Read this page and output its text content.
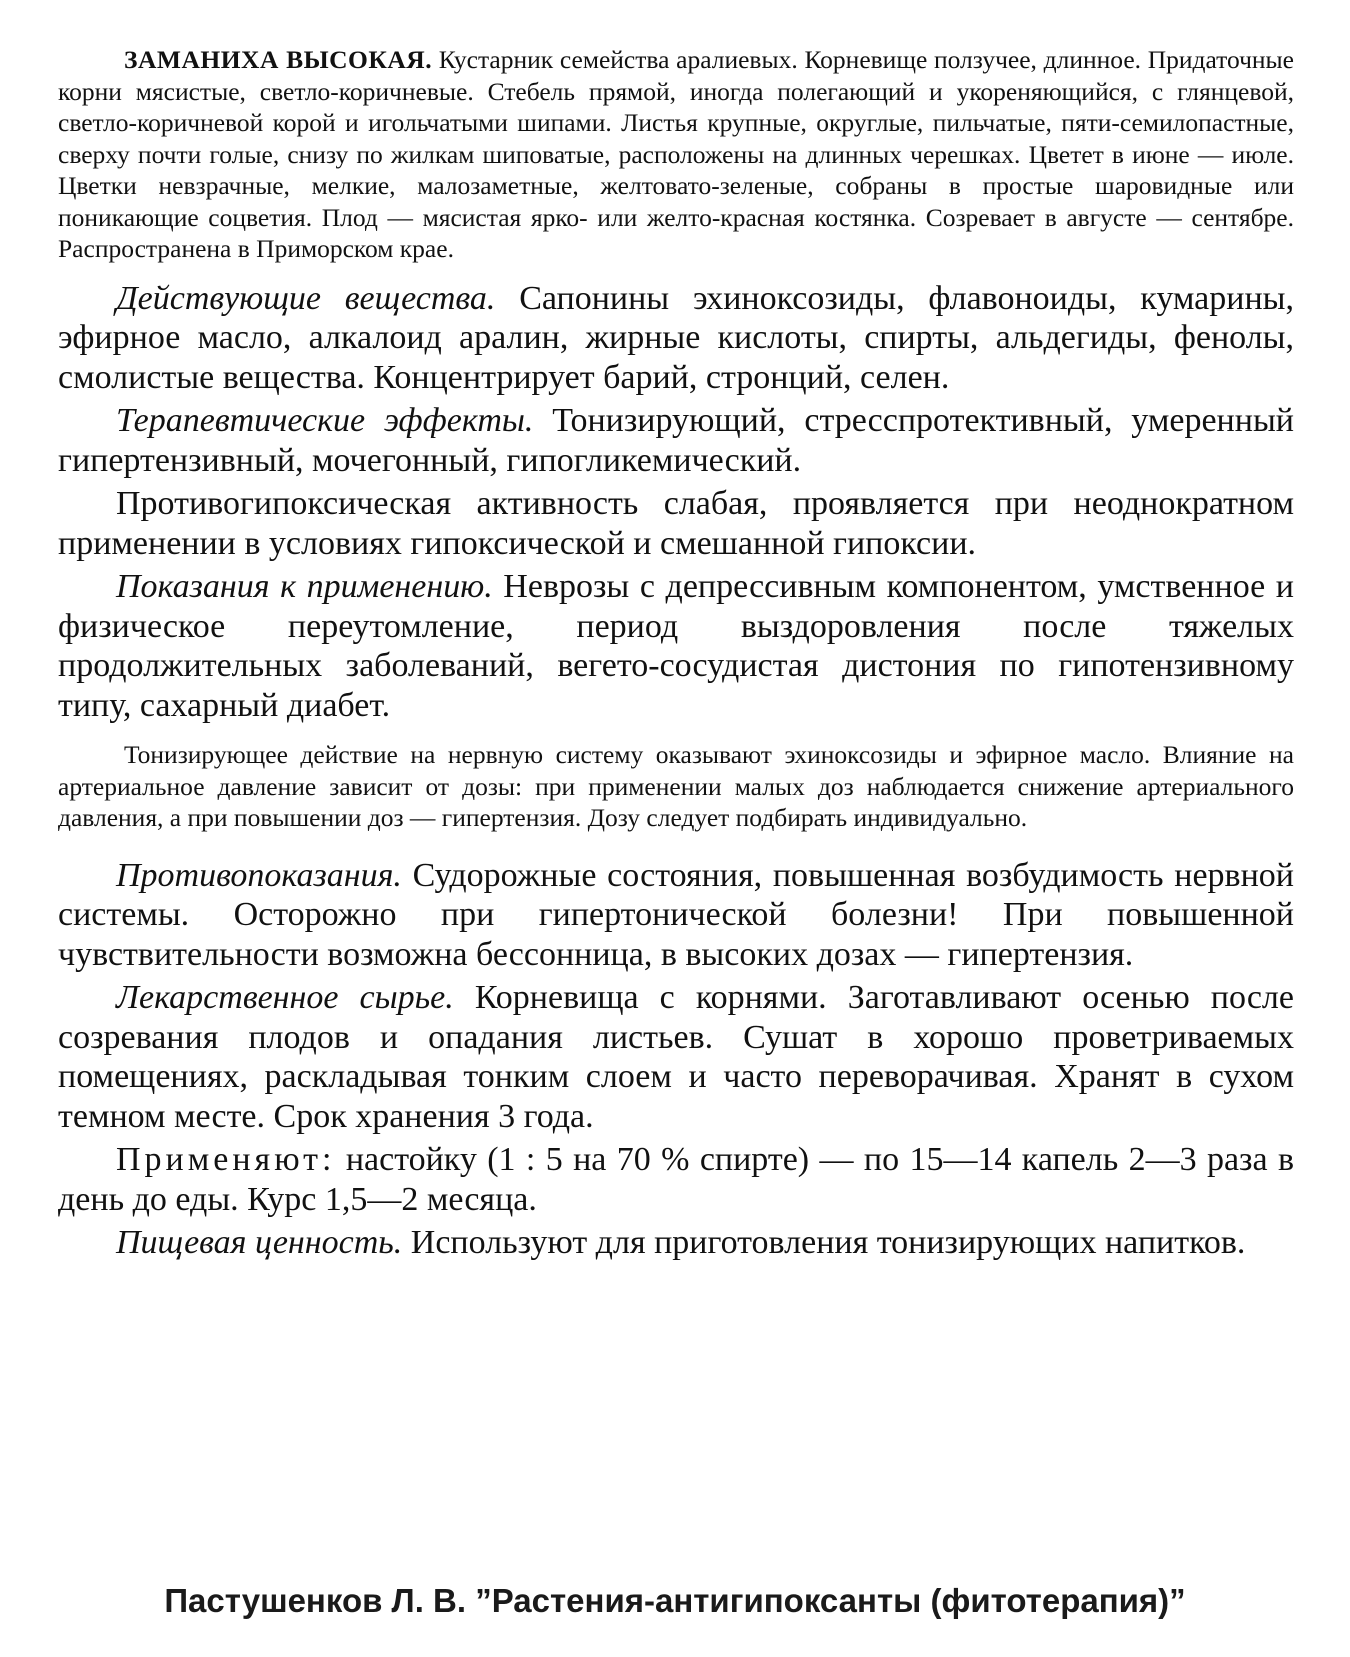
ЗАМАНИХА ВЫСОКАЯ. Кустарник семейства аралиевых. Корневище ползучее, длинное. Придаточные корни мясистые, светло-коричневые. Стебель прямой, иногда полегающий и укореняющийся, с глянцевой, светло-коричневой корой и игольчатыми шипами. Листья крупные, округлые, пильчатые, пяти-семилопастные, сверху почти голые, снизу по жилкам шиповатые, расположены на длинных черешках. Цветет в июне — июле. Цветки невзрачные, мелкие, малозаметные, желтовато-зеленые, собраны в простые шаровидные или поникающие соцветия. Плод — мясистая ярко- или желто-красная костянка. Созревает в августе — сентябре. Распространена в Приморском крае.

Действующие вещества. Сапонины эхиноксозиды, флавоноиды, кумарины, эфирное масло, алкалоид аралин, жирные кислоты, спирты, альдегиды, фенолы, смолистые вещества. Концентрирует барий, стронций, селен.

Терапевтические эффекты. Тонизирующий, стресспротективный, умеренный гипертензивный, мочегонный, гипогликемический.

Противогипоксическая активность слабая, проявляется при неоднократном применении в условиях гипоксической и смешанной гипоксии.

Показания к применению. Неврозы с депрессивным компонентом, умственное и физическое переутомление, период выздоровления после тяжелых продолжительных заболеваний, вегето-сосудистая дистония по гипотензивному типу, сахарный диабет.

Тонизирующее действие на нервную систему оказывают эхиноксозиды и эфирное масло. Влияние на артериальное давление зависит от дозы: при применении малых доз наблюдается снижение артериального давления, а при повышении доз — гипертензия. Дозу следует подбирать индивидуально.

Противопоказания. Судорожные состояния, повышенная возбудимость нервной системы. Осторожно при гипертонической болезни! При повышенной чувствительности возможна бессонница, в высоких дозах — гипертензия.

Лекарственное сырье. Корневища с корнями. Заготавливают осенью после созревания плодов и опадания листьев. Сушат в хорошо проветриваемых помещениях, раскладывая тонким слоем и часто переворачивая. Хранят в сухом темном месте. Срок хранения 3 года.

Применяют: настойку (1 : 5 на 70 % спирте) — по 15—14 капель 2—3 раза в день до еды. Курс 1,5—2 месяца.

Пищевая ценность. Используют для приготовления тонизирующих напитков.

Пастушенков Л. В. ”Растения-антигипоксанты (фитотерапия)”
